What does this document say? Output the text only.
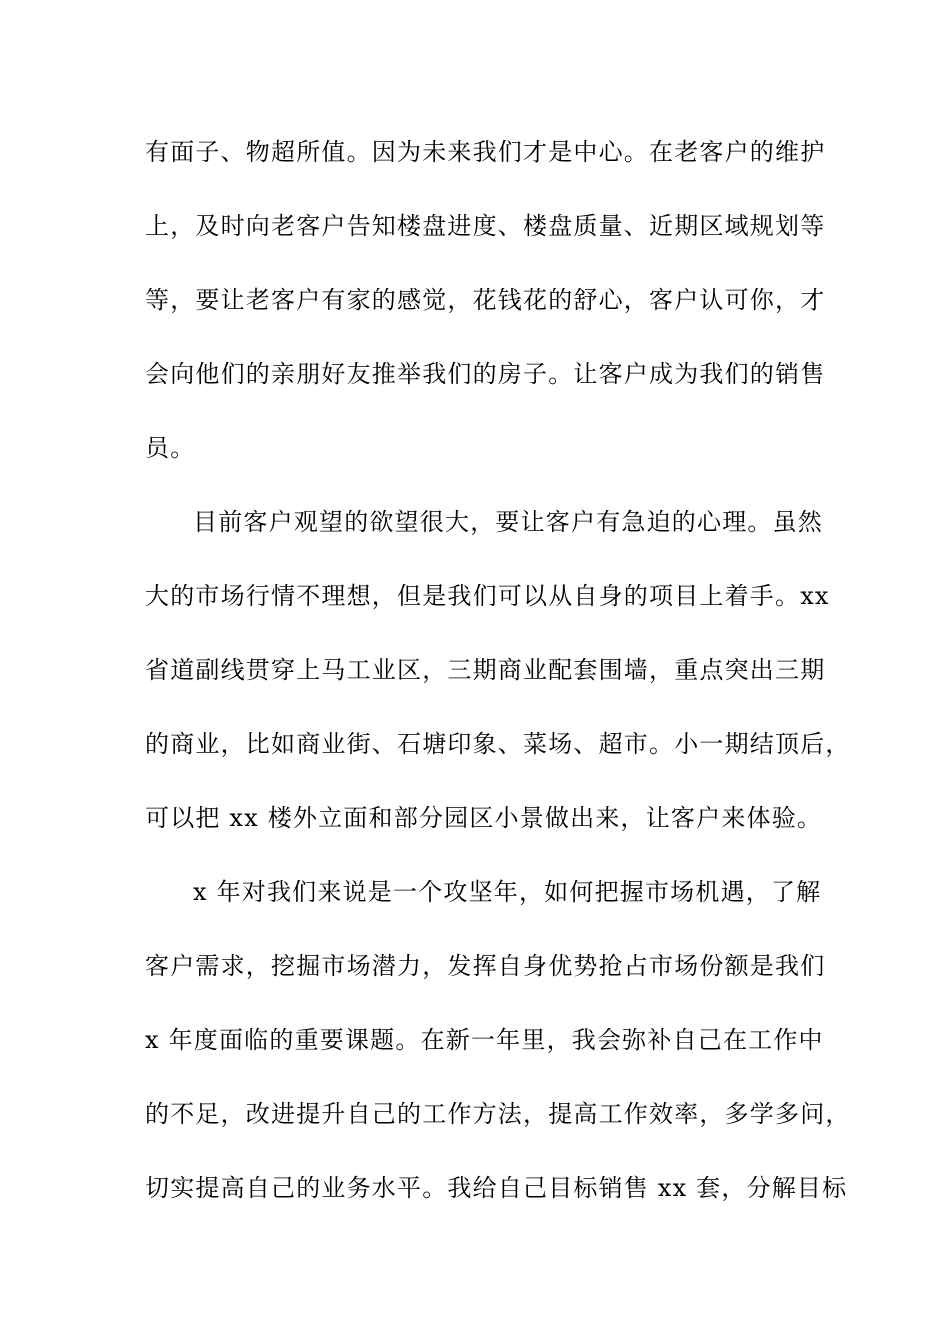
有面子、物超所值。因为未来我们才是中心。在老客户的维护
上，及时向老客户告知楼盘进度、楼盘质量、近期区域规划等
等，要让老客户有家的感觉，花钱花的舒心，客户认可你，才
会向他们的亲朋好友推举我们的房子。让客户成为我们的销售
员。
目前客户观望的欲望很大，要让客户有急迫的心理。虽然
大的市场行情不理想，但是我们可以从自身的项目上着手。xx
省道副线贯穿上马工业区，三期商业配套围墙，重点突出三期
的商业，比如商业街、石塘印象、菜场、超市。小一期结顶后，
可以把 xx 楼外立面和部分园区小景做出来，让客户来体验。
x 年对我们来说是一个攻坚年，如何把握市场机遇，了解
客户需求，挖掘市场潜力，发挥自身优势抢占市场份额是我们
x 年度面临的重要课题。在新一年里，我会弥补自己在工作中
的不足，改进提升自己的工作方法，提高工作效率，多学多问，
切实提高自己的业务水平。我给自己目标销售 xx 套，分解目标
